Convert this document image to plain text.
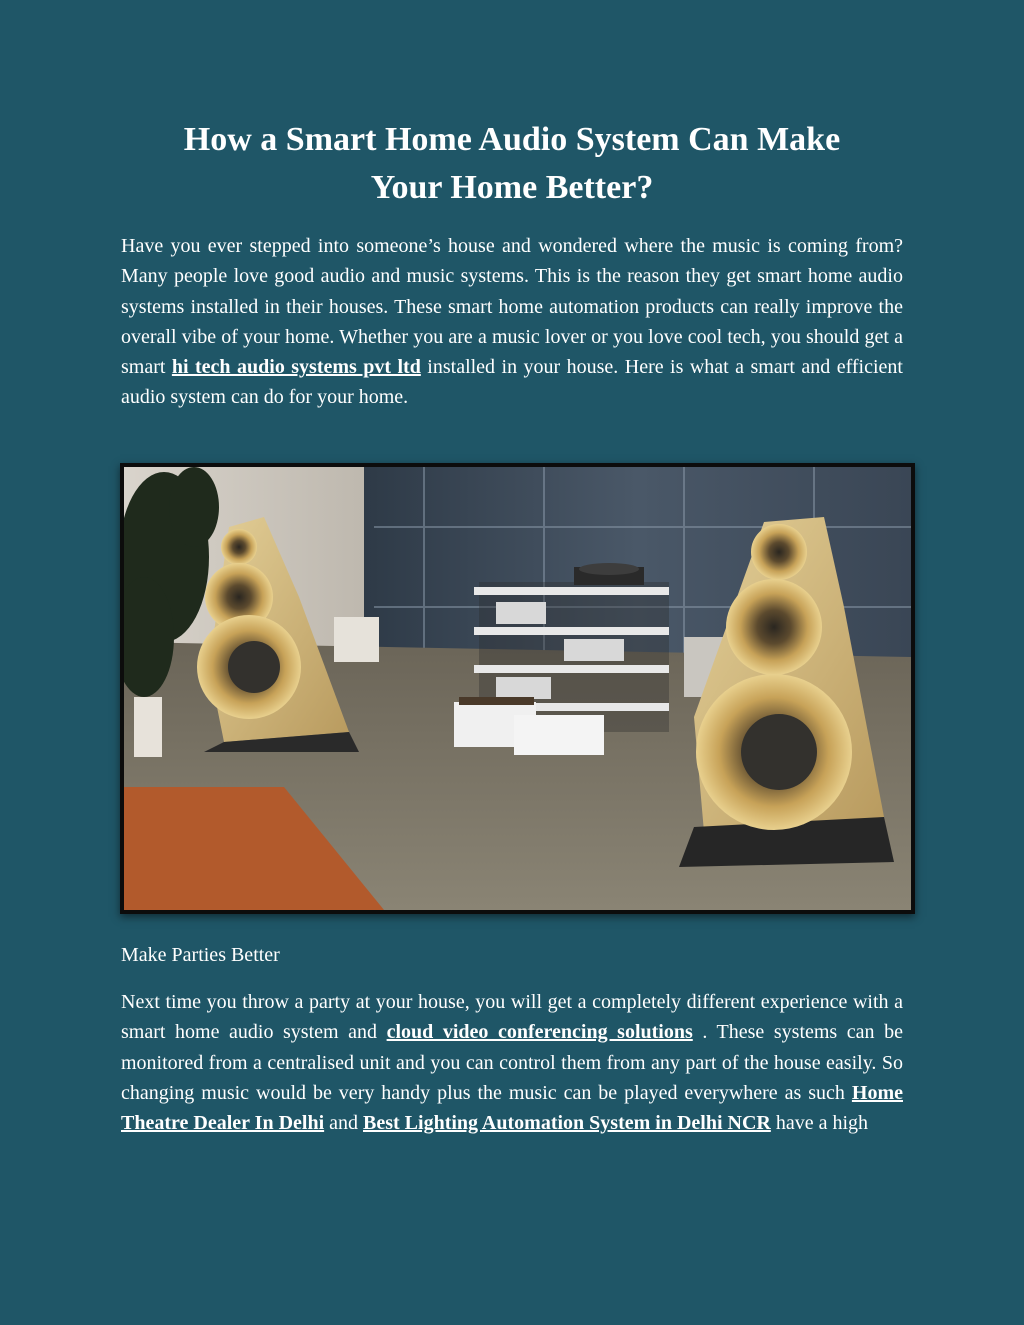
How a Smart Home Audio System Can Make
Your Home Better?

Have you ever stepped into someone’s house and wondered where the music is coming from? Many people love good audio and music systems. This is the reason they get smart home audio systems installed in their houses. These smart home automation products can really improve the overall vibe of your home. Whether you are a music lover or you love cool tech, you should get a smart hi tech audio systems pvt ltd installed in your house. Here is what a smart and efficient audio system can do for your home.

Make Parties Better

Next time you throw a party at your house, you will get a completely different experience with a smart home audio system and cloud video conferencing solutions . These systems can be monitored from a centralised unit and you can control them from any part of the house easily. So changing music would be very handy plus the music can be played everywhere as such Home Theatre Dealer In Delhi and Best Lighting Automation System in Delhi NCR have a high
